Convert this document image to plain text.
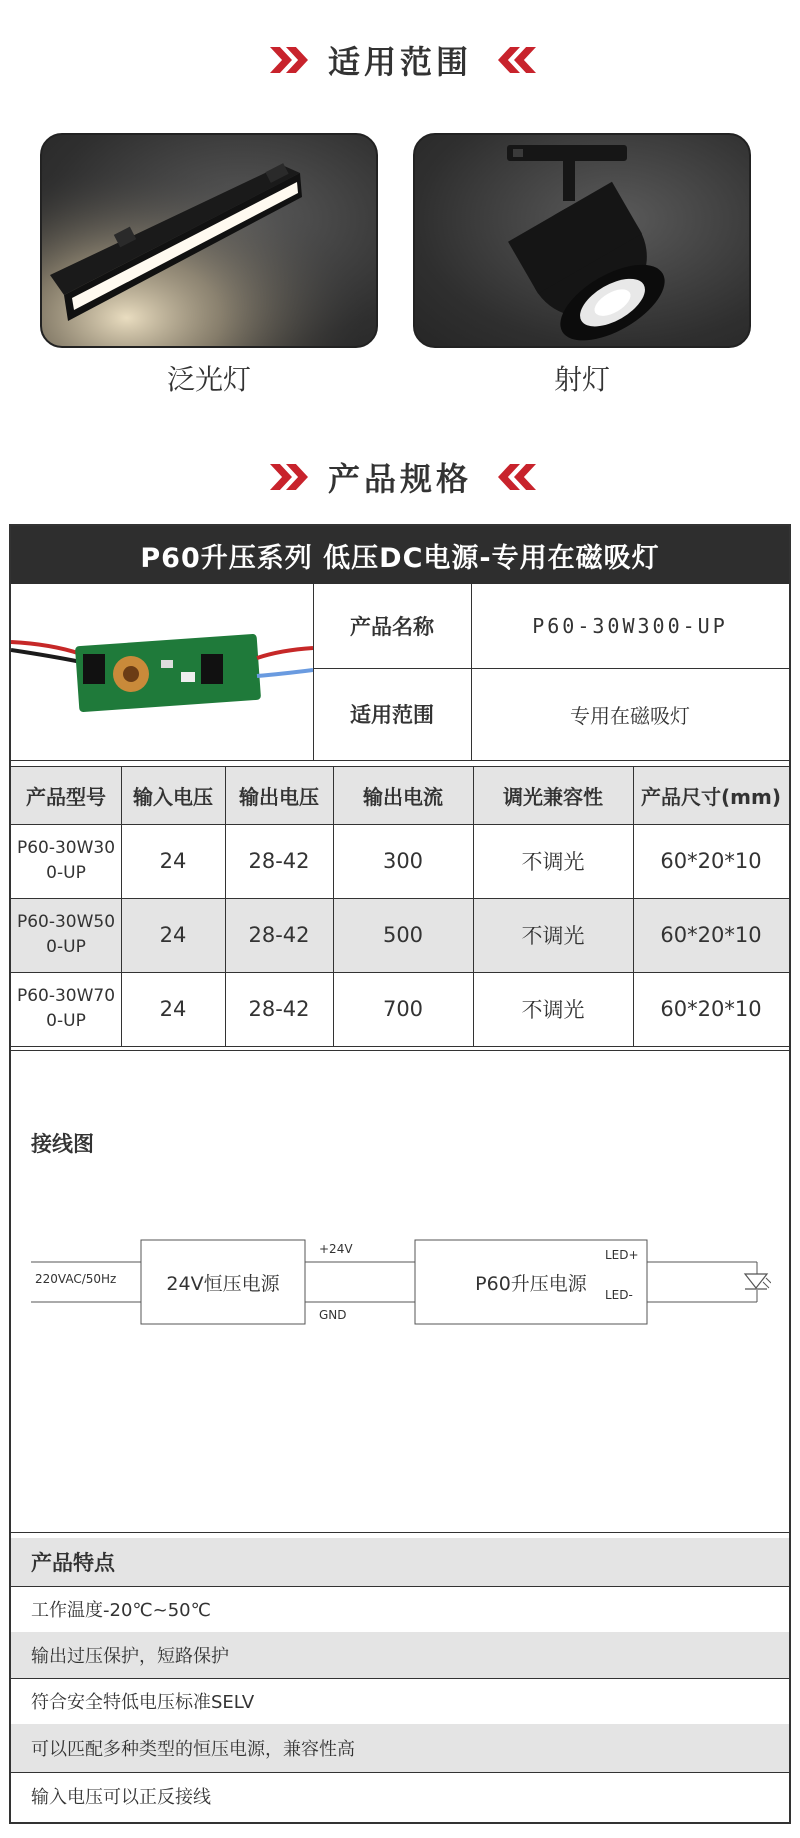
适用范围
泛光灯	射灯
产品规格
P60升压系列 低压DC电源-专用在磁吸灯
产品名称	P60-30W300-UP
适用范围	专用在磁吸灯
产品型号	输入电压	输出电压	输出电流	调光兼容性	产品尺寸(mm)
P60-30W300-UP	24	28-42	300	不调光	60*20*10
P60-30W500-UP	24	28-42	500	不调光	60*20*10
P60-30W700-UP	24	28-42	700	不调光	60*20*10
接线图
220VAC/50Hz	24V恒压电源
+24V
GND
P60升压电源
LED+
LED-
产品特点
工作温度-20℃~50℃
输出过压保护，短路保护
符合安全特低电压标准SELV
可以匹配多种类型的恒压电源，兼容性高
输入电压可以正反接线
